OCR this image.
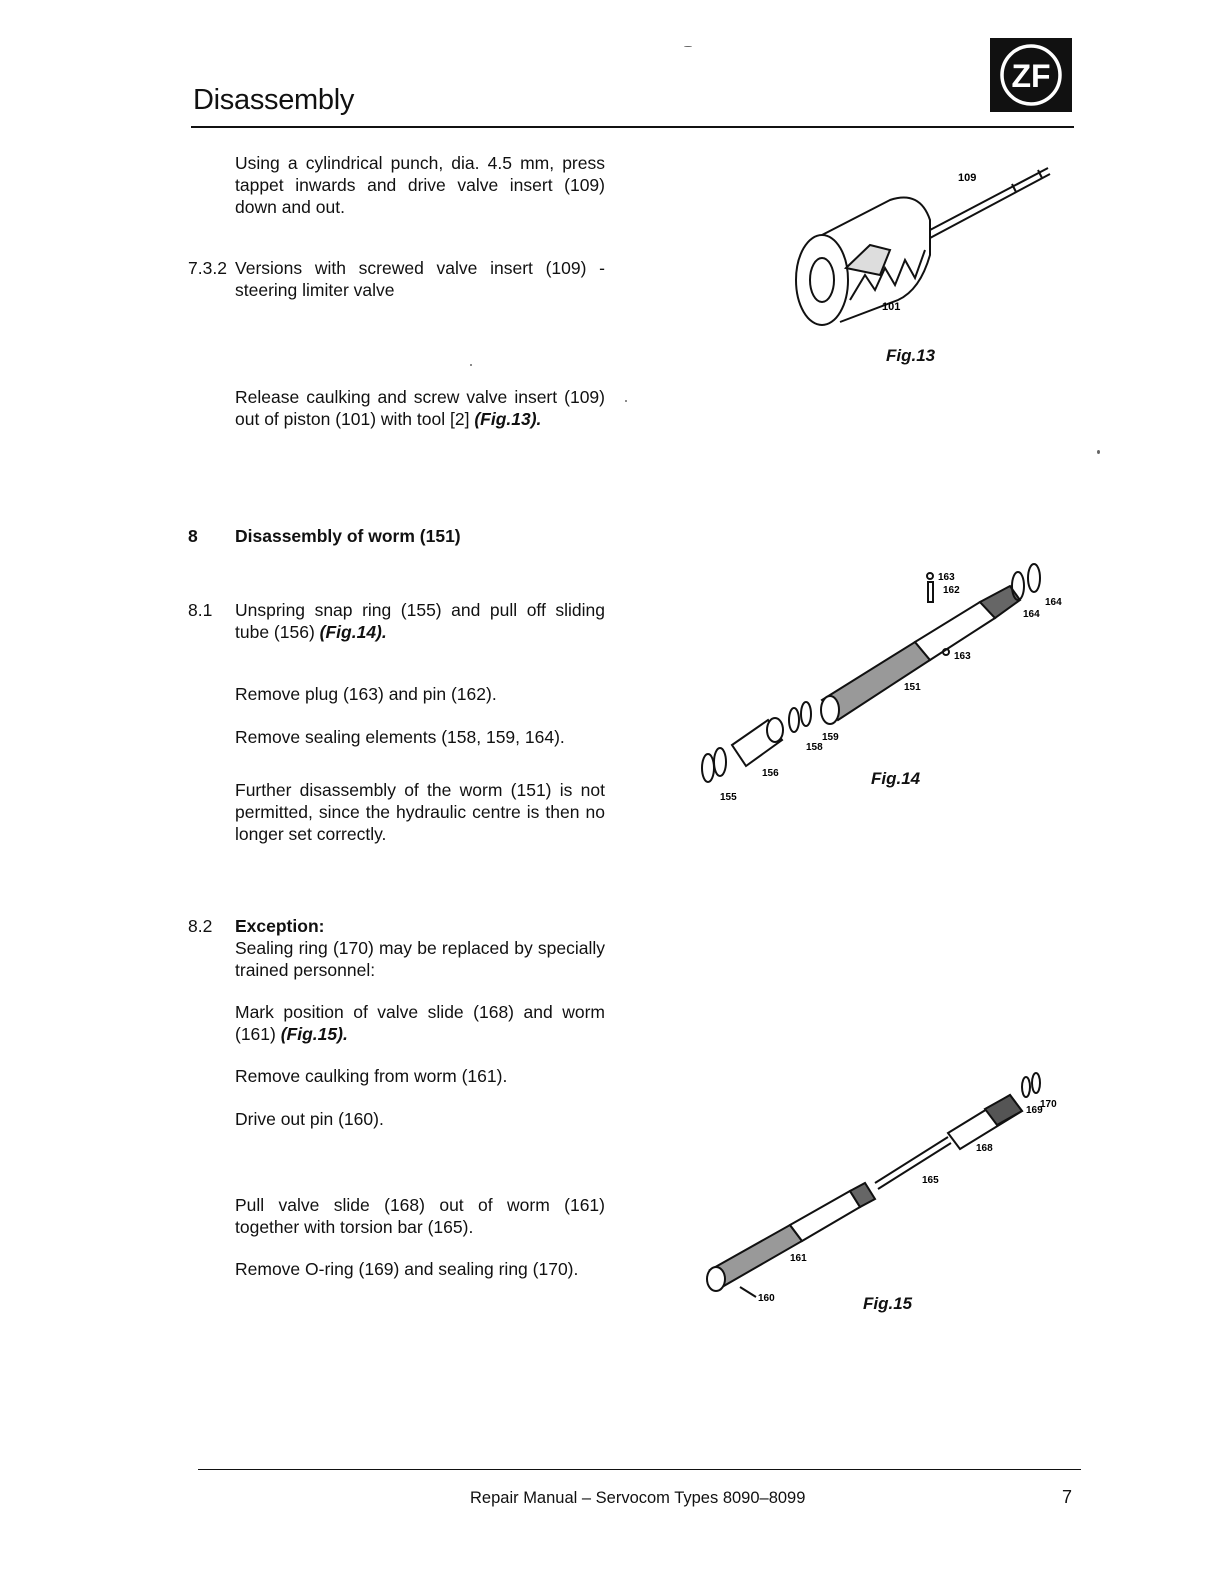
Disassembly
ZF
Using a cylindrical punch, dia. 4.5 mm, press tappet inwards and drive valve insert (109) down and out.
7.3.2 Versions with screwed valve insert (109) - steering limiter valve
Release caulking and screw valve insert (109) out of piston (101) with tool [2] (Fig.13).
8 Disassembly of worm (151)
8.1 Unspring snap ring (155) and pull off sliding tube (156) (Fig.14).
Remove plug (163) and pin (162).
Remove sealing elements (158, 159, 164).
Further disassembly of the worm (151) is not permitted, since the hydraulic centre is then no longer set correctly.
8.2 Exception:
Sealing ring (170) may be replaced by specially trained personnel:
Mark position of valve slide (168) and worm (161) (Fig.15).
Remove caulking from worm (161).
Drive out pin (160).
Pull valve slide (168) out of worm (161) together with torsion bar (165).
Remove O-ring (169) and sealing ring (170).
109
101
Fig.13
163
162
164
164
163
151
158
159
156
155
Fig.14
169
170
168
165
161
160	Fig.15
Repair Manual – Servocom Types 8090–8099	7
